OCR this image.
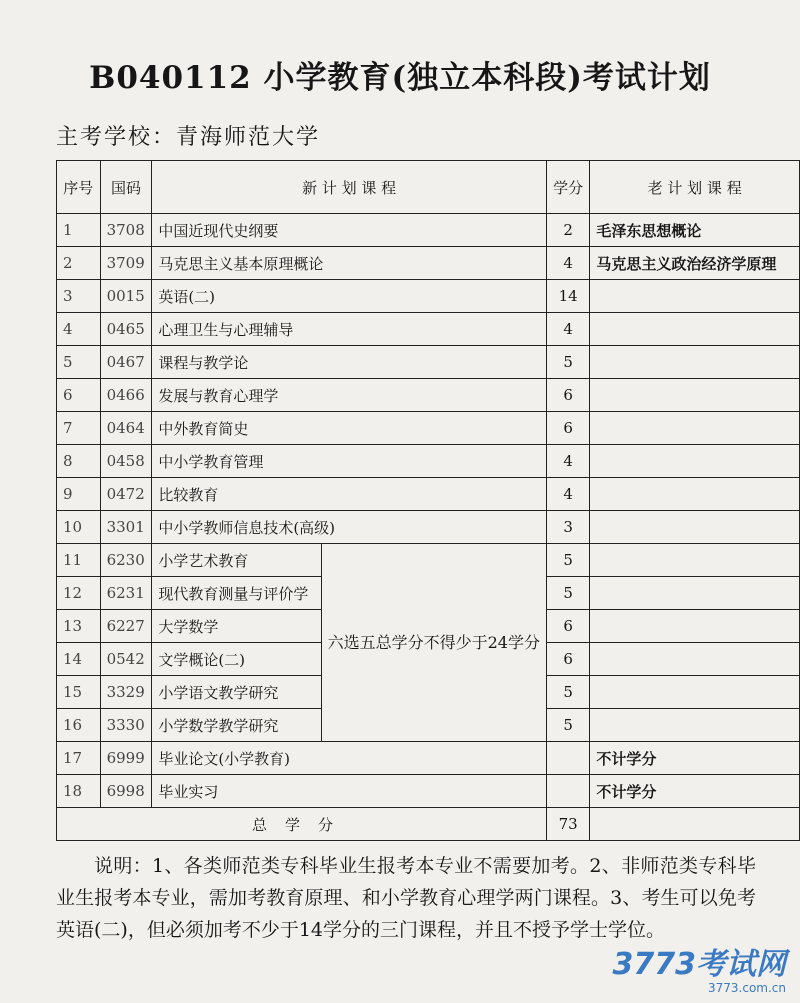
B040112 小学教育(独立本科段)考试计划
主考学校：青海师范大学
序号	国码	新 计 划 课 程		学分	老 计 划 课 程
1	3708	中国近现代史纲要		2	毛泽东思想概论
2	3709	马克思主义基本原理概论		4	马克思主义政治经济学原理
3	0015	英语(二)		14	
4	0465	心理卫生与心理辅导		4	
5	0467	课程与教学论		5	
6	0466	发展与教育心理学		6	
7	0464	中外教育简史		6	
8	0458	中小学教育管理		4	
9	0472	比较教育		4	
10	3301	中小学教师信息技术(高级)		3	
11	6230	小学艺术教育	六选五总学分不得少于24学分	5	
12	6231	现代教育测量与评价学		5	
13	6227	大学数学		6	
14	0542	文学概论(二)		6	
15	3329	小学语文教学研究		5	
16	3330	小学数学教学研究		5	
17	6999	毕业论文(小学教育)			不计学分
18	6998	毕业实习			不计学分
总学分				73	
说明：1、各类师范类专科毕业生报考本专业不需要加考。2、非师范类专科毕业生报考本专业，需加考教育原理、和小学教育心理学两门课程。3、考生可以免考英语(二)，但必须加考不少于14学分的三门课程，并且不授予学士学位。
3773考试网
3773.com.cn
